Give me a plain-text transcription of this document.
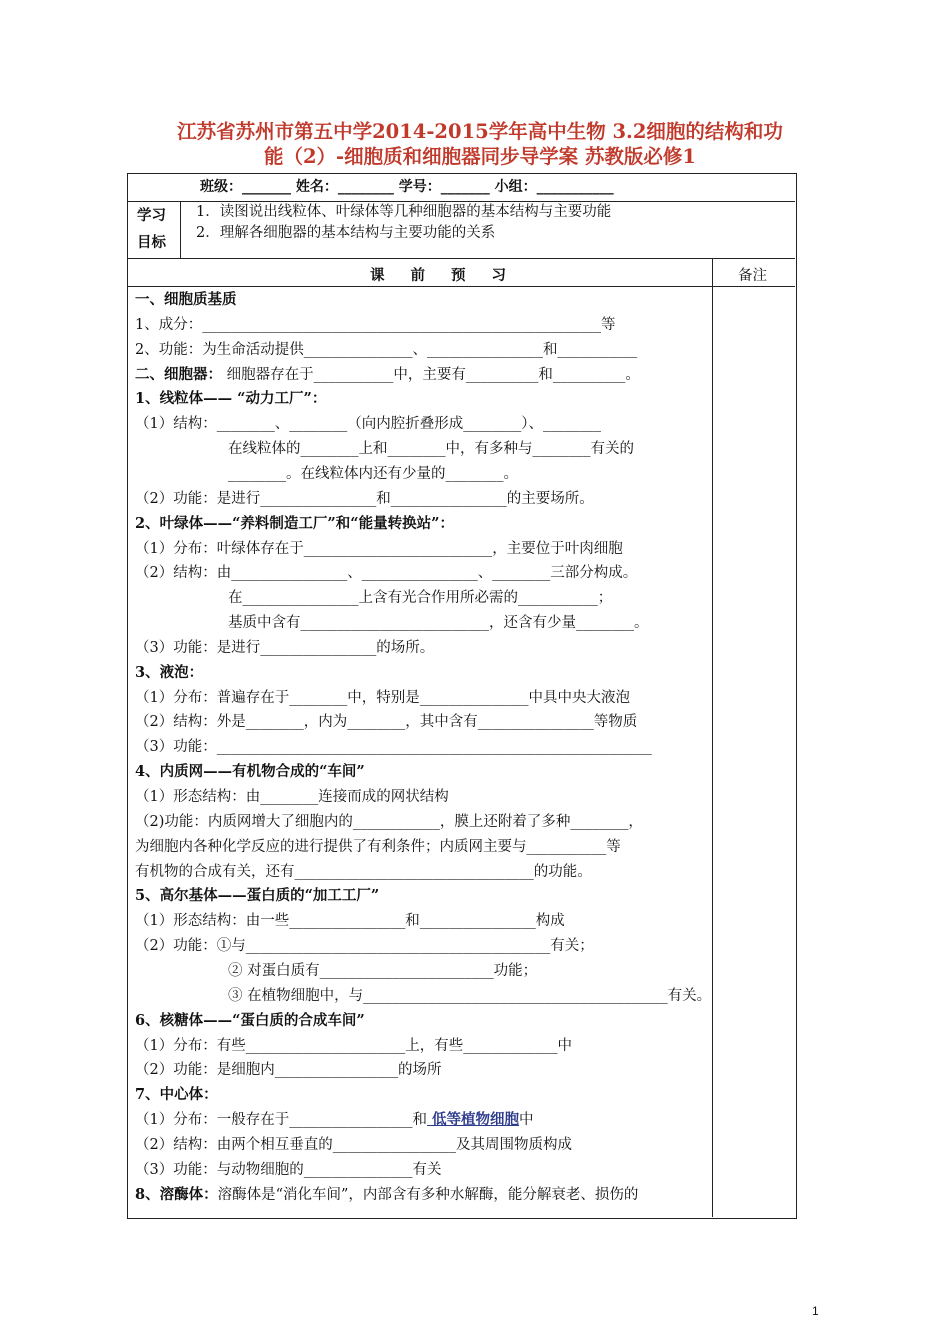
江苏省苏州市第五中学2014-2015学年高中生物 3.2细胞的结构和功
能（2）-细胞质和细胞器同步导学案 苏教版必修1
班级：_______ 姓名：________ 学号：_______ 小组：___________
学习
目标
1．读图说出线粒体、叶绿体等几种细胞器的基本结构与主要功能
2．理解各细胞器的基本结构与主要功能的关系
课 前 预 习	备注
一、细胞质基质
1、成分：_______________________________________________________等
2、功能：为生命活动提供_______________、________________和___________
二、细胞器： 细胞器存在于___________中，主要有__________和__________。
1、线粒体—— “动力工厂”：
（1）结构：________、________（向内腔折叠形成________）、________
在线粒体的________上和________中，有多种与________有关的
________。在线粒体内还有少量的________。
（2）功能：是进行________________和________________的主要场所。
2、叶绿体——“养料制造工厂”和“能量转换站”：
（1）分布：叶绿体存在于__________________________，主要位于叶肉细胞
（2）结构：由________________、________________、________三部分构成。
在________________上含有光合作用所必需的___________；
基质中含有__________________________，还含有少量________。
（3）功能：是进行________________的场所。
3、液泡：
（1）分布：普遍存在于________中，特别是_______________中具中央大液泡
（2）结构：外是________，内为________，其中含有________________等物质
（3）功能：____________________________________________________________
4、内质网——有机物合成的“车间”
（1）形态结构：由________连接而成的网状结构
（2)功能：内质网增大了细胞内的____________，膜上还附着了多种________，
为细胞内各种化学反应的进行提供了有利条件；内质网主要与___________等
有机物的合成有关，还有_________________________________的功能。
5、高尔基体——蛋白质的“加工工厂”
（1）形态结构：由一些________________和________________构成
（2）功能：①与__________________________________________有关；
② 对蛋白质有________________________功能；
③ 在植物细胞中，与__________________________________________有关。
6、核糖体——“蛋白质的合成车间”
（1）分布：有些______________________上，有些_____________中
（2）功能：是细胞内_________________的场所
7、中心体：
（1）分布：一般存在于_________________和 低等植物细胞中
（2）结构：由两个相互垂直的_________________及其周围物质构成
（3）功能：与动物细胞的_______________有关
8、溶酶体：溶酶体是“消化车间”，内部含有多种水解酶，能分解衰老、损伤的
1
